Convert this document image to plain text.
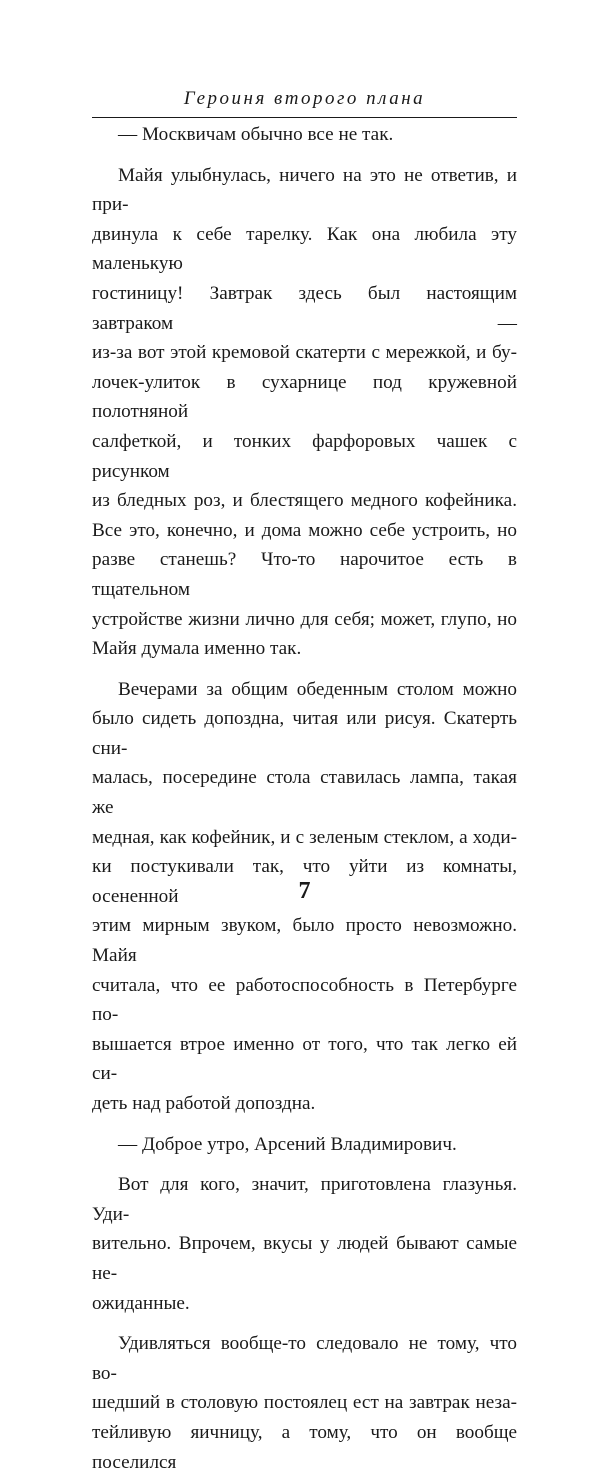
Героиня второго плана
— Москвичам обычно все не так.
Майя улыбнулась, ничего на это не ответив, и при-
двинула к себе тарелку. Как она любила эту маленькую
гостиницу! Завтрак здесь был настоящим завтраком —
из-за вот этой кремовой скатерти с мережкой, и бу-
лочек-улиток в сухарнице под кружевной полотняной
салфеткой, и тонких фарфоровых чашек с рисунком
из бледных роз, и блестящего медного кофейника.
Все это, конечно, и дома можно себе устроить, но
разве станешь? Что-то нарочитое есть в тщательном
устройстве жизни лично для себя; может, глупо, но
Майя думала именно так.
Вечерами за общим обеденным столом можно
было сидеть допоздна, читая или рисуя. Скатерть сни-
малась, посередине стола ставилась лампа, такая же
медная, как кофейник, и с зеленым стеклом, а ходи-
ки постукивали так, что уйти из комнаты, осененной
этим мирным звуком, было просто невозможно. Майя
считала, что ее работоспособность в Петербурге по-
вышается втрое именно от того, что так легко ей си-
деть над работой допоздна.
— Доброе утро, Арсений Владимирович.
Вот для кого, значит, приготовлена глазунья. Уди-
вительно. Впрочем, вкусы у людей бывают самые не-
ожиданные.
Удивляться вообще-то следовало не тому, что во-
шедший в столовую постоялец ест на завтрак неза-
тейливую яичницу, а тому, что он вообще поселился
7
